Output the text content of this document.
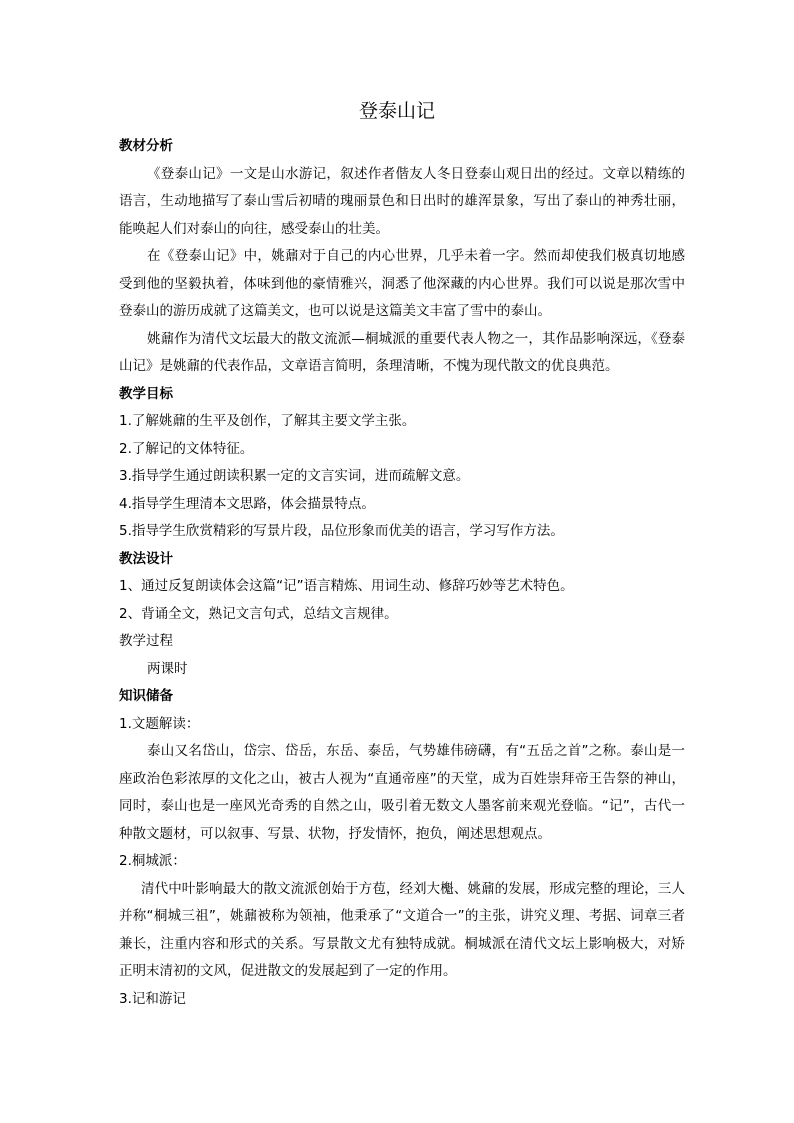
登泰山记

教材分析

《登泰山记》一文是山水游记，叙述作者偕友人冬日登泰山观日出的经过。文章以精练的语言，生动地描写了泰山雪后初晴的瑰丽景色和日出时的雄浑景象，写出了泰山的神秀壮丽，能唤起人们对泰山的向往，感受泰山的壮美。

在《登泰山记》中，姚鼐对于自己的内心世界，几乎未着一字。然而却使我们极真切地感受到他的坚毅执着，体味到他的豪情雅兴，洞悉了他深藏的内心世界。我们可以说是那次雪中登泰山的游历成就了这篇美文，也可以说是这篇美文丰富了雪中的泰山。

姚鼐作为清代文坛最大的散文流派—桐城派的重要代表人物之一，其作品影响深远，《登泰山记》是姚鼐的代表作品，文章语言简明，条理清晰，不愧为现代散文的优良典范。

教学目标

1.了解姚鼐的生平及创作，了解其主要文学主张。

2.了解记的文体特征。

3.指导学生通过朗读积累一定的文言实词，进而疏解文意。

4.指导学生理清本文思路，体会描景特点。

5.指导学生欣赏精彩的写景片段，品位形象而优美的语言，学习写作方法。

教法设计

1、通过反复朗读体会这篇“记”语言精炼、用词生动、修辞巧妙等艺术特色。

2、背诵全文，熟记文言句式，总结文言规律。

教学过程

两课时

知识储备

1.文题解读：

泰山又名岱山，岱宗、岱岳，东岳、泰岳，气势雄伟磅礴，有“五岳之首”之称。泰山是一座政治色彩浓厚的文化之山，被古人视为“直通帝座”的天堂，成为百姓崇拜帝王告祭的神山，同时，泰山也是一座风光奇秀的自然之山，吸引着无数文人墨客前来观光登临。“记”，古代一种散文题材，可以叙事、写景、状物，抒发情怀，抱负，阐述思想观点。

2.桐城派：

清代中叶影响最大的散文流派创始于方苞，经刘大櫆、姚鼐的发展，形成完整的理论，三人并称“桐城三祖”，姚鼐被称为领袖，他秉承了“文道合一”的主张，讲究义理、考据、词章三者兼长，注重内容和形式的关系。写景散文尤有独特成就。桐城派在清代文坛上影响极大，对矫正明末清初的文风，促进散文的发展起到了一定的作用。

3.记和游记
